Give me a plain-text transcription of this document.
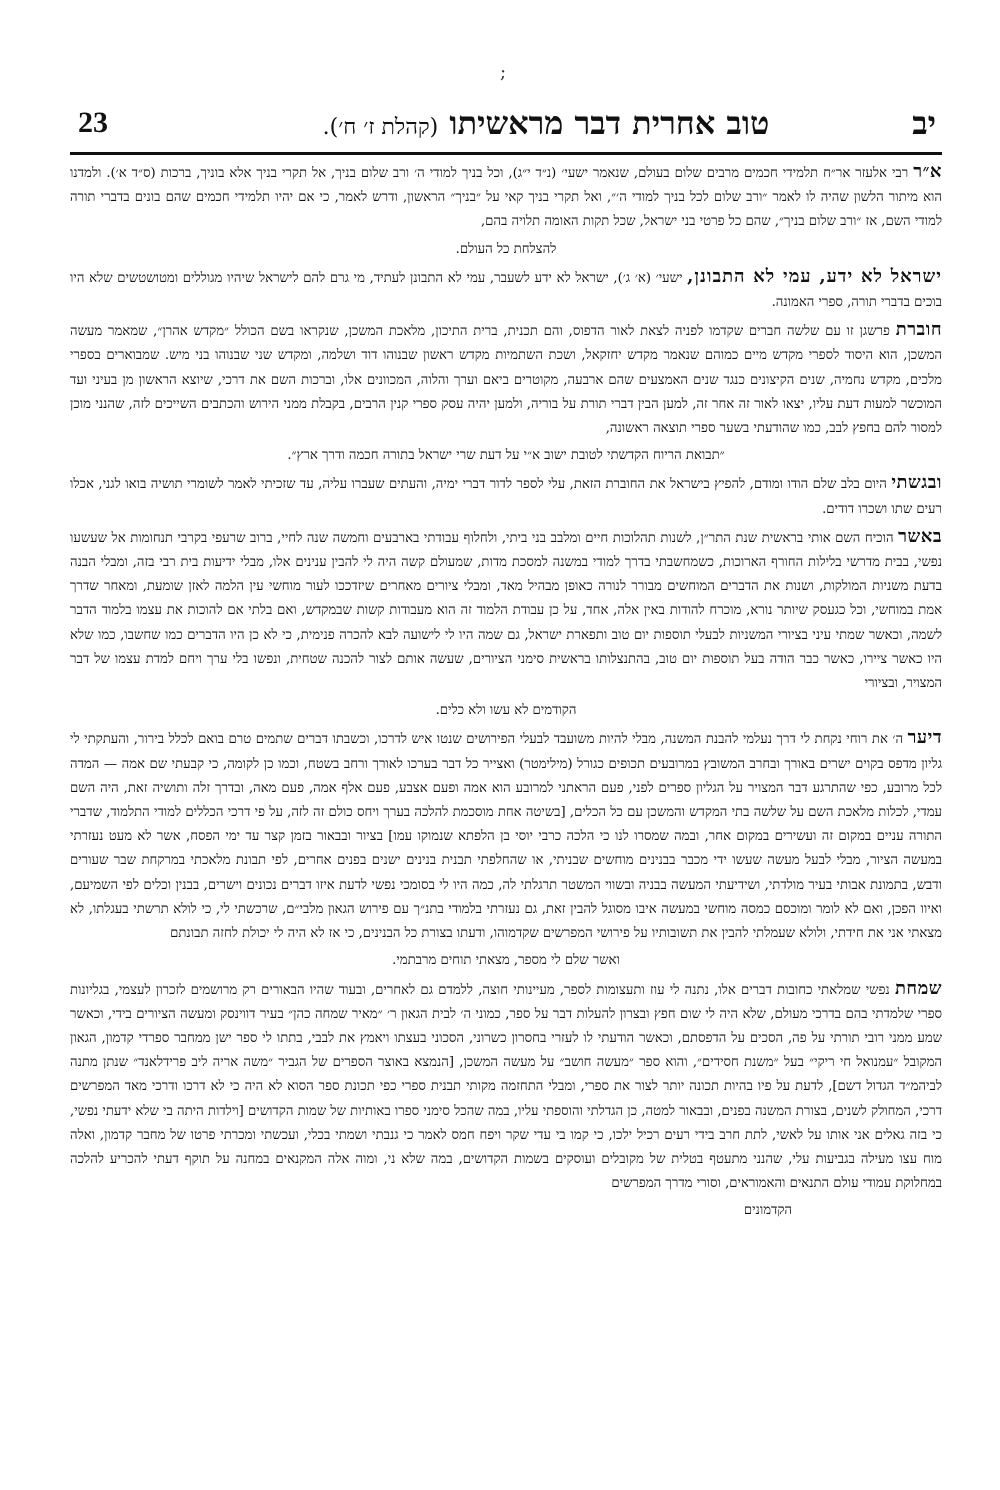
;
23	טוב אחרית דבר מראשיתו (קהלת ז׳ ח׳).	יב

א״ר רבי אלעזר אר״ח תלמידי חכמים מרבים שלום בעולם, שנאמר ישעי׳ (נ״ד י״ג), וכל בניך למודי ה׳ ורב שלום בניך, אל תקרי בניך אלא בוניך, ברכות (ס״ד א׳). ולמדנו הוא מיתור הלשון שהיה לו לאמר ״ורב שלום לכל בניך למודי ה׳״, ואל תקרי בניך קאי על ״בניך״ הראשון, ודרש לאמר, כי אם יהיו תלמידי חכמים שהם בונים בדברי תורה למודי השם, אז ״ורב שלום בניך״, שהם כל פרטי בני ישראל, שכל תקות האומה תלויה בהם,

להצלחת כל העולם.

ישראל לא ידע, עמי לא התבונן, ישעי׳ (א׳ ג׳), ישראל לא ידע לשעבר, עמי לא התבונן לעתיד, מי גרם להם לישראל שיהיו מגוללים ומטושטשים שלא היו בוכים בדברי תורה, ספרי האמונה.

חוברת פרשגן זו עם שלשה חברים שקדמו לפניה לצאת לאור הדפוס, והם תכנית, ברית התיכון, מלאכת המשכן, שנקראו בשם הכולל ״מקדש אהרן״, שמאמר מעשה המשכן, הוא היסוד לספרי מקדש מיים כמוהם שנאמר מקדש יחזקאל, ושכת השתמיות מקדש ראשון שבנוהו דוד ושלמה, ומקדש שני שבנוהו בני מיש. שמבוארים בספרי מלכים, מקדש נחמיה, שנים הקיצונים כנגד שנים האמצעים שהם ארבעה, מקוטרים ביאם וערך והלוה, המכוונים אלו, וברכות השם את דרכי, שיוצא הראשון מן בעיני ועד המוכשר למעות דעת עליו, יצאו לאור זה אחר זה, למען הבין דברי תורת על בוריה, ולמען יהיה עסק ספרי קנין הרבים, בקבלת ממני הירוש והכתבים השייכים לזה, שהנני מוכן למסור להם בחפץ לבב, כמו שהודעתי בשער ספרי תוצאה ראשונה,

״תבואת הריוח הקדשתי לטובת ישוב א״י על דעת שרי ישראל בתורה חכמה ודרך ארץ״.

ובגשתי היום בלב שלם הודו ומודם, להפיץ בישראל את החוברת הזאת, עלי לספר לדור דברי ימיה, והעתים שעברו עליה, עד שזכיתי לאמר לשומרי תושיה בואו לגני, אכלו רעים שתו ושכרו דודים.

באשר הוכיח השם אותי בראשית שנת התר״ן, לשנות תהלוכות חיים ומלבב בני ביתי, ולחלוף עבודתי בארבעים וחמשה שנה לחיי, ברוב שרעפי בקרבי תנחומות אל שעשעו נפשי, בבית מדרשי בלילות החורף הארוכות, כשמחשבתי בדרך למודי במשנה למסכת מדות, שמעולם קשה היה לי להבין ענינים אלו, מבלי ידיעות בית רבי בזה, ומבלי הבנה בדעת משניות המולקות, ושנות את הדברים המוחשים מבורר לנורה כאופן מבהיל מאד, ומבלי ציורים מאחרים שיזדככו לעור מוחשי עין הלמה לאזן שומעת, ומאחר שדרך אמת במוחשי, וכל כגעסק שיותר נורא, מוכרח להודות באין אלה, אחד, על כן עבודת הלמוד זה הוא מעבודות קשות שבמקדש, ואם בלתי אם להוכות את עצמו בלמוד הדבר לשמה, וכאשר שמתי עיני בציורי המשניות לבעלי תוספות יום טוב ותפארת ישראל, גם שמה היו לי לישועה לבא להכרה פנימית, כי לא כן היו הדברים כמו שחשבו, כמו שלא היו כאשר ציירו, כאשר כבר הודה בעל תוספות יום טוב, בהתנצלותו בראשית סימני הציורים, שעשה אותם לצור להכנה שטחית, ונפשו בלי ערך ויחם למדת עצמו של דבר המצויר, ובציורי

הקודמים לא עשו ולא כלים.

דיער ה׳ את רוחי נקחת לי דרך נעלמי להבנת המשנה, מבלי להיות משועבד לבעלי הפירושים שנטו איש לדרכו, וכשבתו דברים שתמים טרם בואם לכלל בירור, והעתקתי לי גליון מדפס בקוים ישרים באורך ובחרב המשובץ במרובעים תכופים כגורל (מילימטר) ואצייר כל דבר בערכו לאורך ורחב בשטח, וכמו כן לקומה, כי קבעתי שם אמה — המדה לכל מרובע, כפי שהתרגע דבר המצויר על הגליון ספרים לפני, פעם הראתני למרובע הוא אמה ופעם אצבע, פעם אלף אמה, פעם מאה, ובדרך זלה ותושיה זאת, היה השם עמדי, לכלות מלאכת השם על שלשה בתי המקדש והמשכן עם כל הכלים, [בשיטה אחת מוסכמת להלכה בערך ויחס כולם זה לזה, על פי דרכי הכללים למודי התלמוד, שדברי התורה עניים במקום זה ועשירים במקום אחר, ובמה שמסרו לנו כי הלכה כרבי יוסי בן הלפתא שנמוקו עמו] בציור ובבאור בזמן קצר עד ימי הפסח, אשר לא מעט נעזרתי במעשה הציור, מבלי לבעל מעשה שעשו ידי מכבר בבנינים מוחשים שבניתי, או שהחלפתי תבנית בנינים ישנים בפנים אחרים, לפי תבונת מלאכתי במרקחת שבר שעורים ודבש, בתמונת אבותי בעיר מולדתי, ושידיעתי המעשה בבניה ובשווי המשטר תרגלתי לה, כמה היו לי בסומכי נפשי לדעת איזו דברים נכונים וישרים, בבנין וכלים לפי השמיעם, ואיוו הפכן, ואם לא לומר ומוכסם כמסה מוחשי במעשה איבו מסוגל להבין זאת, גם נעזרתי בלמודי בתנ״ך עם פירוש הגאון מלבי״ם, שרכשתי לי, כי לולא תרשתי בעגלתו, לא מצאתי אני את חידתי, ולולא שעמלתי להבין את תשובותיו על פירושי המפרשים שקדמוהו, ודעתו בצורת כל הבנינים, כי אז לא היה לי יכולת לחזה תבונתם

ואשר שלם לי מספר, מצאתי תוחים מרבתמי.

שמחת נפשי שמלאתי כחובות דברים אלו, נתנה לי עוז ותעצומות לספר, מעיינותי חוצה, ללמדם גם לאחרים, ובעוד שהיו הבאורים רק מרושמים לזכרון לעצמי, בגליונות ספרי שלמדתי בהם בדרכי מעולם, שלא היה לי שום חפץ ובצרון להעלות דבר על ספר, כמוני ה׳ לבית הגאון ר׳ ״מאיר שמחה כהן״ בעיר דווינסק ומעשה הציורים בידי, וכאשר שמע ממני רובי תורתי על פה, הסכים על הדפסתם, וכאשר הודעתי לו לעזרי בחסרון כשרוני, הסכוני בעצתו ויאמץ את לבבי, בתתו לי ספר ישן ממחבר ספרדי קדמון, הגאון המקובל ״עמנואל חי ריקי״ בעל ״משנת חסידים״, והוא ספר ״מעשה חושב״ על מעשה המשכן, [הנמצא באוצר הספרים של הגביר ״משה אריה ליב פרידלאנד״ שנתן מתנה לביהמ״ד הגדול דשם], לדעת על פיו בהיות תכונה יותר לצור את ספרי, ומבלי התחזמה מקותי תבנית ספרי כפי תכונת ספר הסוא לא היה כי לא דרכו ודרכי מאד המפרשים דרכי, המחולק לשנים, בצורת המשנה בפנים, ובבאור למטה, כן הגדלתי והוספתי עליו, במה שהכל סימני ספרו באותיות של שמות הקדושים [וילדות היתה בי שלא ידעתי נפשי, כי בזה גאלים אני אותו על לאשי, לתת חרב בידי רעים רכיל ילכו, כי קמו בי עדי שקר ויפח חמס לאמר כי גנבתי ושמתי בכלי, ועכשתי ומכרתי פרטו של מחבר קדמון, ואלה מוח עצו מעילה בגביעות עלי, שהנני מתעטף בטלית של מקובלים ועוסקים בשמות הקדושים, במה שלא ני, ומוה אלה המקנאים במחנה על תוקף דעתי להכריע להלכה במחלוקת עמודי עולם התנאים והאמוראים, וסורי מדרך המפרשים

הקדמונים
